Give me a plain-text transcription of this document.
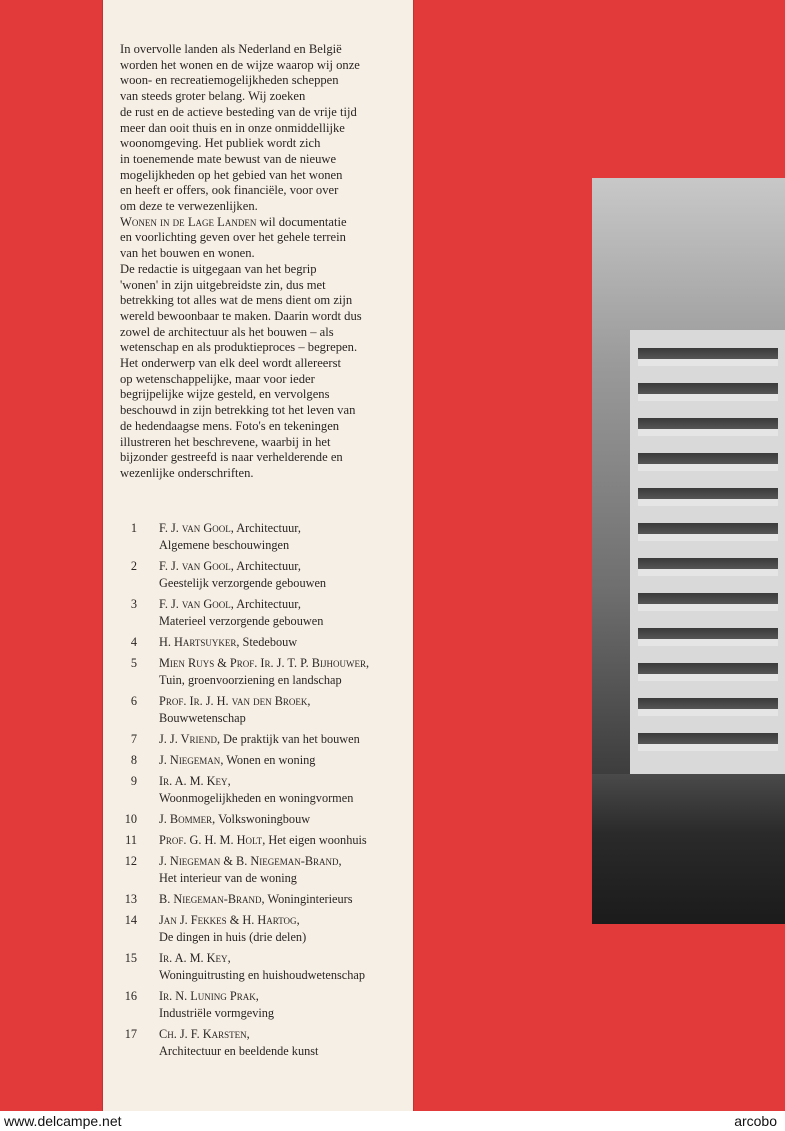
In overvolle landen als Nederland en België

worden het wonen en de wijze waarop wij onze

woon- en recreatiemogelijkheden scheppen

van steeds groter belang. Wij zoeken

de rust en de actieve besteding van de vrije tijd

meer dan ooit thuis en in onze onmiddellijke

woonomgeving. Het publiek wordt zich

in toenemende mate bewust van de nieuwe

mogelijkheden op het gebied van het wonen

en heeft er offers, ook financiële, voor over

om deze te verwezenlijken.

Wonen in de Lage Landen wil documentatie

en voorlichting geven over het gehele terrein

van het bouwen en wonen.

De redactie is uitgegaan van het begrip

'wonen' in zijn uitgebreidste zin, dus met

betrekking tot alles wat de mens dient om zijn

wereld bewoonbaar te maken. Daarin wordt dus

zowel de architectuur als het bouwen – als

wetenschap en als produktieproces – begrepen.

Het onderwerp van elk deel wordt allereerst

op wetenschappelijke, maar voor ieder

begrijpelijke wijze gesteld, en vervolgens

beschouwd in zijn betrekking tot het leven van

de hedendaagse mens. Foto's en tekeningen

illustreren het beschrevene, waarbij in het

bijzonder gestreefd is naar verhelderende en

wezenlijke onderschriften.

1 F. J. van Gool, Architectuur,
Algemene beschouwingen
2 F. J. van Gool, Architectuur,
Geestelijk verzorgende gebouwen
3 F. J. van Gool, Architectuur,
Materieel verzorgende gebouwen
4 H. Hartsuyker, Stedebouw
5 Mien Ruys & Prof. Ir. J. T. P. Bijhouwer,
Tuin, groenvoorziening en landschap
6 Prof. Ir. J. H. van den Broek,
Bouwwetenschap
7 J. J. Vriend, De praktijk van het bouwen
8 J. Niegeman, Wonen en woning
9 Ir. A. M. Key,
Woonmogelijkheden en woningvormen
10 J. Bommer, Volkswoningbouw
11 Prof. G. H. M. Holt, Het eigen woonhuis
12 J. Niegeman & B. Niegeman-Brand,
Het interieur van de woning
13 B. Niegeman-Brand, Woninginterieurs
14 Jan J. Fekkes & H. Hartog,
De dingen in huis (drie delen)
15 Ir. A. M. Key,
Woninguitrusting en huishoudwetenschap
16 Ir. N. Luning Prak,
Industriële vormgeving
17 Ch. J. F. Karsten,
Architectuur en beeldende kunst
www.delcampe.net	arcobo
